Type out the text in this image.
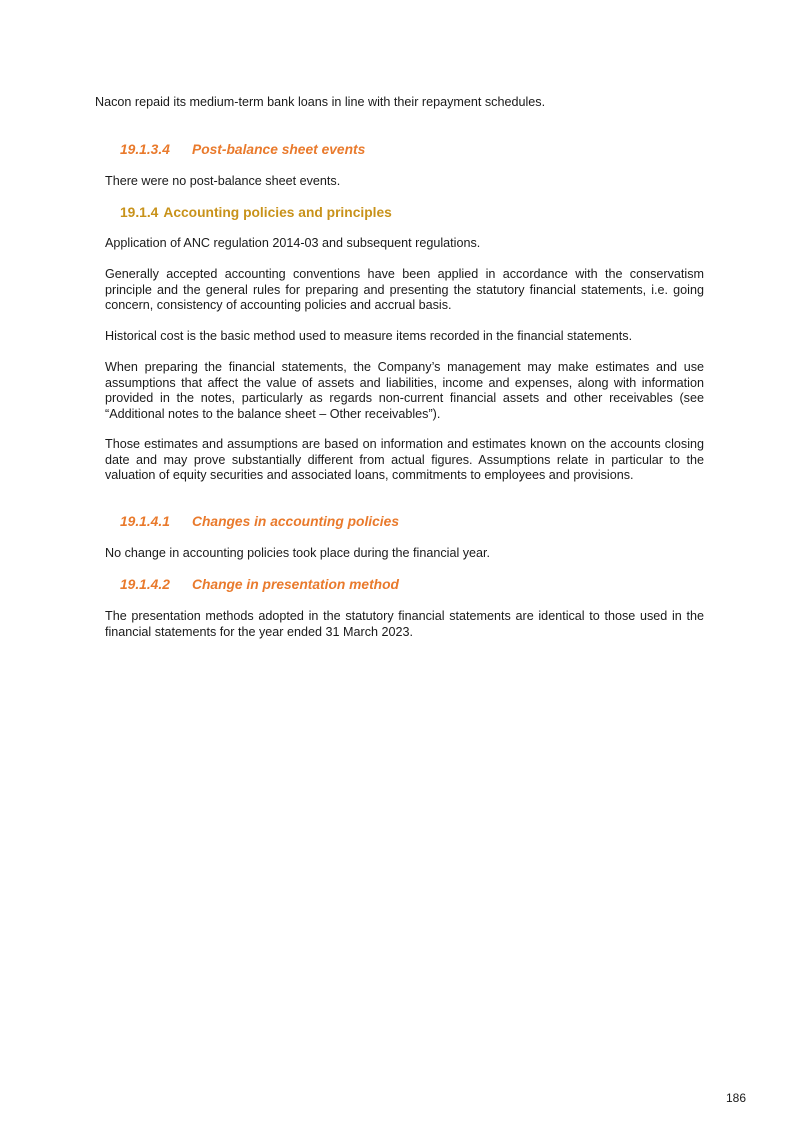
Nacon repaid its medium-term bank loans in line with their repayment schedules.

19.1.3.4 Post-balance sheet events

There were no post-balance sheet events.

19.1.4 Accounting policies and principles

Application of ANC regulation 2014-03 and subsequent regulations.

Generally accepted accounting conventions have been applied in accordance with the conservatism principle and the general rules for preparing and presenting the statutory financial statements, i.e. going concern, consistency of accounting policies and accrual basis.

Historical cost is the basic method used to measure items recorded in the financial statements.

When preparing the financial statements, the Company’s management may make estimates and use assumptions that affect the value of assets and liabilities, income and expenses, along with information provided in the notes, particularly as regards non-current financial assets and other receivables (see “Additional notes to the balance sheet – Other receivables”).

Those estimates and assumptions are based on information and estimates known on the accounts closing date and may prove substantially different from actual figures. Assumptions relate in particular to the valuation of equity securities and associated loans, commitments to employees and provisions.

19.1.4.1 Changes in accounting policies

No change in accounting policies took place during the financial year.

19.1.4.2 Change in presentation method

The presentation methods adopted in the statutory financial statements are identical to those used in the financial statements for the year ended 31 March 2023.

186
